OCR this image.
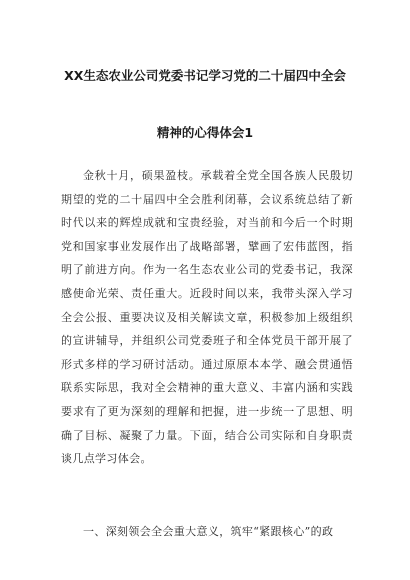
XX生态农业公司党委书记学习党的二十届四中全会
精神的心得体会1

金秋十月，硕果盈枝。承载着全党全国各族人民殷切期望的党的二十届四中全会胜利闭幕，会议系统总结了新时代以来的辉煌成就和宝贵经验，对当前和今后一个时期党和国家事业发展作出了战略部署，擘画了宏伟蓝图，指明了前进方向。作为一名生态农业公司的党委书记，我深感使命光荣、责任重大。近段时间以来，我带头深入学习全会公报、重要决议及相关解读文章，积极参加上级组织的宣讲辅导，并组织公司党委班子和全体党员干部开展了形式多样的学习研讨活动。通过原原本本学、融会贯通悟联系实际思，我对全会精神的重大意义、丰富内涵和实践要求有了更为深刻的理解和把握，进一步统一了思想、明确了目标、凝聚了力量。下面，结合公司实际和自身职责谈几点学习体会。

一、深刻领会全会重大意义，筑牢“紧跟核心”的政
